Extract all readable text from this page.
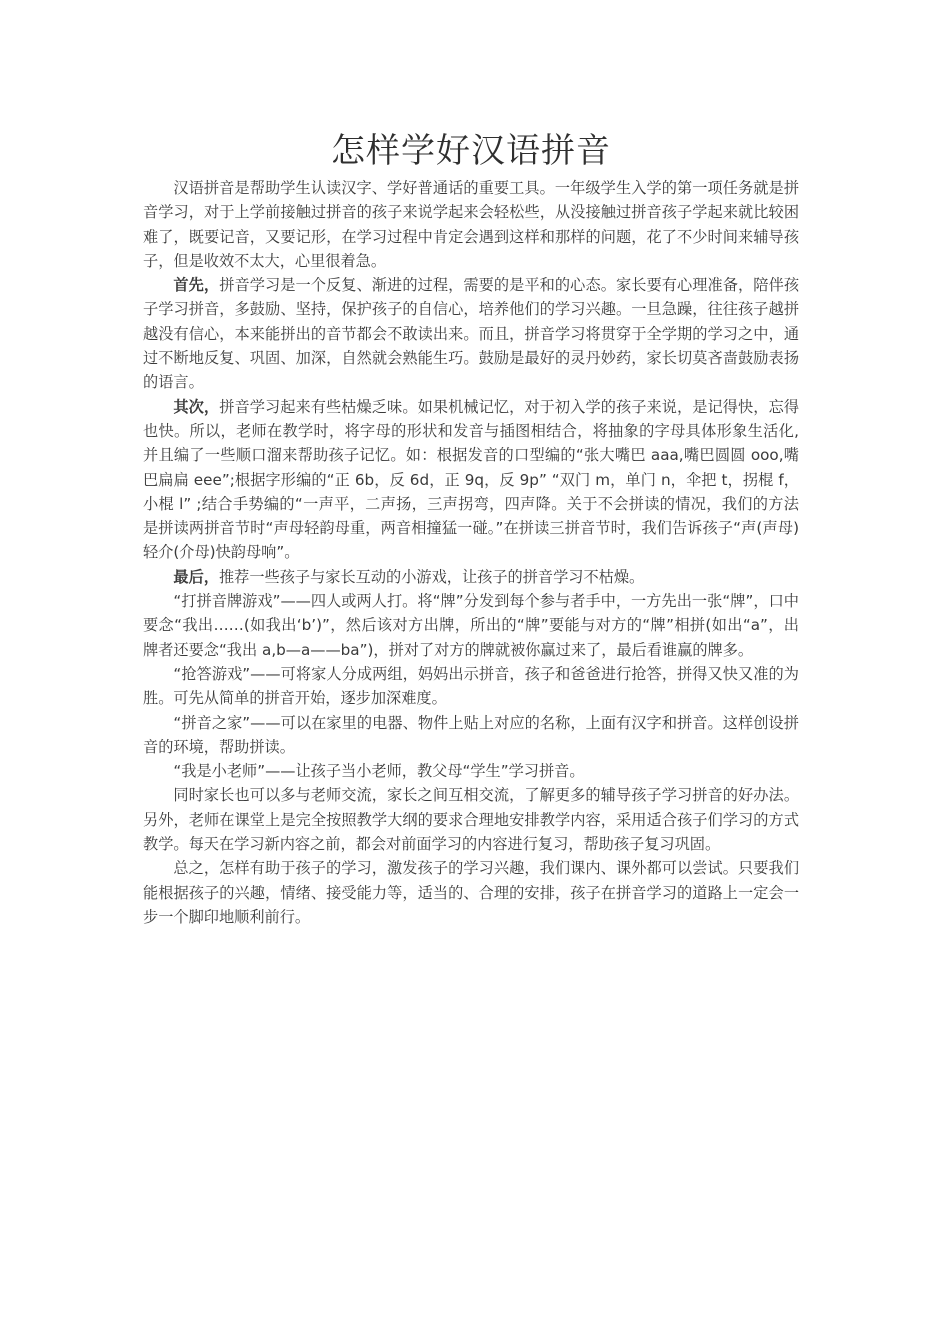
怎样学好汉语拼音

汉语拼音是帮助学生认读汉字、学好普通话的重要工具。一年级学生入学的第一项任务就是拼音学习，对于上学前接触过拼音的孩子来说学起来会轻松些，从没接触过拼音孩子学起来就比较困难了，既要记音，又要记形，在学习过程中肯定会遇到这样和那样的问题，花了不少时间来辅导孩子，但是收效不太大，心里很着急。

首先，拼音学习是一个反复、渐进的过程，需要的是平和的心态。家长要有心理准备，陪伴孩子学习拼音，多鼓励、坚持，保护孩子的自信心，培养他们的学习兴趣。一旦急躁，往往孩子越拼越没有信心，本来能拼出的音节都会不敢读出来。而且，拼音学习将贯穿于全学期的学习之中，通过不断地反复、巩固、加深，自然就会熟能生巧。鼓励是最好的灵丹妙药，家长切莫吝啬鼓励表扬的语言。

其次，拼音学习起来有些枯燥乏味。如果机械记忆，对于初入学的孩子来说，是记得快，忘得也快。所以，老师在教学时，将字母的形状和发音与插图相结合，将抽象的字母具体形象生活化,并且编了一些顺口溜来帮助孩子记忆。如：根据发音的口型编的“张大嘴巴 aaa,嘴巴圆圆 ooo,嘴巴扁扁 eee”;根据字形编的“正 6b，反 6d，正 9q，反 9p” “双门 m，单门 n，伞把 t，拐棍 f，小棍 l” ;结合手势编的“一声平，二声扬，三声拐弯，四声降。关于不会拼读的情况，我们的方法是拼读两拼音节时“声母轻韵母重，两音相撞猛一碰。”在拼读三拼音节时，我们告诉孩子“声(声母)轻介(介母)快韵母响”。

最后，推荐一些孩子与家长互动的小游戏，让孩子的拼音学习不枯燥。

“打拼音牌游戏”——四人或两人打。将“牌”分发到每个参与者手中，一方先出一张“牌”，口中要念“我出……(如我出‘b’)”，然后该对方出牌，所出的“牌”要能与对方的“牌”相拼(如出“a”，出牌者还要念“我出 a,b—a——ba”)，拼对了对方的牌就被你赢过来了，最后看谁赢的牌多。

“抢答游戏”——可将家人分成两组，妈妈出示拼音，孩子和爸爸进行抢答，拼得又快又准的为胜。可先从简单的拼音开始，逐步加深难度。

“拼音之家”——可以在家里的电器、物件上贴上对应的名称，上面有汉字和拼音。这样创设拼音的环境，帮助拼读。

“我是小老师”——让孩子当小老师，教父母“学生”学习拼音。

同时家长也可以多与老师交流，家长之间互相交流，了解更多的辅导孩子学习拼音的好办法。另外，老师在课堂上是完全按照教学大纲的要求合理地安排教学内容，采用适合孩子们学习的方式教学。每天在学习新内容之前，都会对前面学习的内容进行复习，帮助孩子复习巩固。

总之，怎样有助于孩子的学习，激发孩子的学习兴趣，我们课内、课外都可以尝试。只要我们能根据孩子的兴趣，情绪、接受能力等，适当的、合理的安排，孩子在拼音学习的道路上一定会一步一个脚印地顺利前行。
